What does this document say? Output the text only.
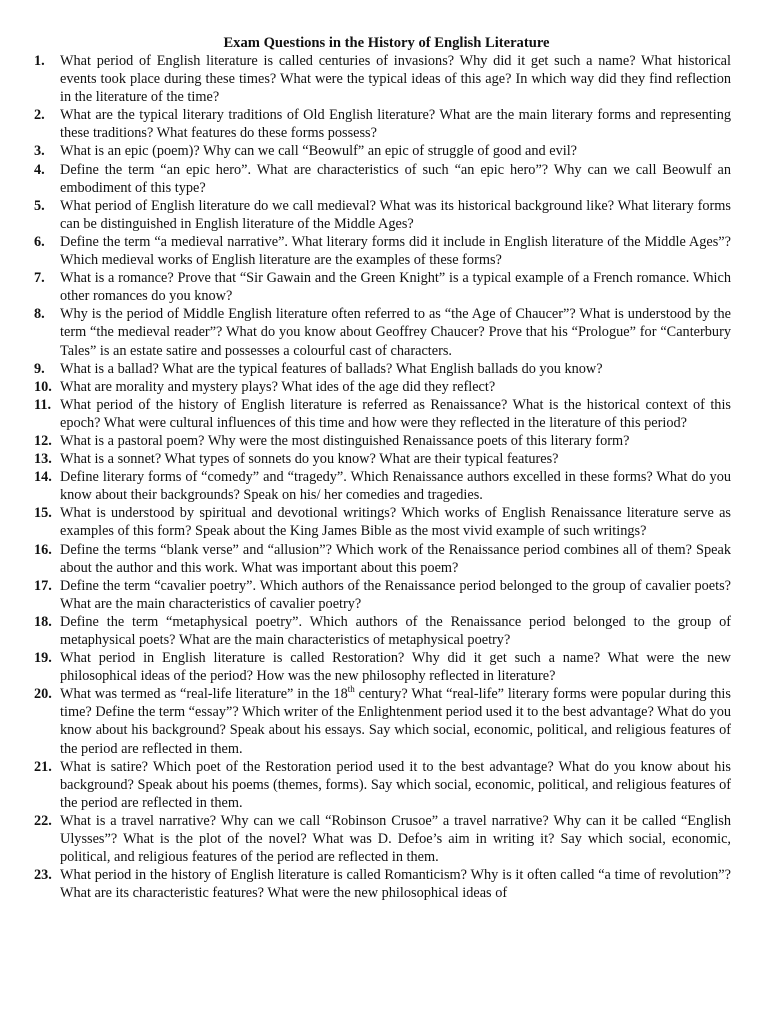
Exam Questions in the History of English Literature
1.	What period of English literature is called centuries of invasions? Why did it get such a name? What historical events took place during these times? What were the typical ideas of this age? In which way did they find reflection in the literature of the time?
2.	What are the typical literary traditions of Old English literature? What are the main literary forms and representing these traditions? What features do these forms possess?
3.	What is an epic (poem)? Why can we call “Beowulf” an epic of struggle of good and evil?
4.	Define the term “an epic hero”. What are characteristics of such “an epic hero”? Why can we call Beowulf an embodiment of this type?
5.	What period of English literature do we call medieval? What was its historical background like? What literary forms can be distinguished in English literature of the Middle Ages?
6.	Define the term “a medieval narrative”. What literary forms did it include in English literature of the Middle Ages”? Which medieval works of English literature are the examples of these forms?
7.	What is a romance? Prove that “Sir Gawain and the Green Knight” is a typical example of a French romance. Which other romances do you know?
8.	Why is the period of Middle English literature often referred to as “the Age of Chaucer”? What is understood by the term “the medieval reader”? What do you know about Geoffrey Chaucer? Prove that his “Prologue” for “Canterbury Tales” is an estate satire and possesses a colourful cast of characters.
9.	What is a ballad? What are the typical features of ballads? What English ballads do you know?
10. What are morality and mystery plays? What ides of the age did they reflect?
11. What period of the history of English literature is referred as Renaissance? What is the historical context of this epoch? What were cultural influences of this time and how were they reflected in the literature of this period?
12. What is a pastoral poem? Why were the most distinguished Renaissance poets of this literary form?
13. What is a sonnet? What types of sonnets do you know? What are their typical features?
14. Define literary forms of “comedy” and “tragedy”. Which Renaissance authors excelled in these forms? What do you know about their backgrounds? Speak on his/ her comedies and tragedies.
15. What is understood by spiritual and devotional writings? Which works of English Renaissance literature serve as examples of this form? Speak about the King James Bible as the most vivid example of such writings?
16. Define the terms “blank verse” and “allusion”? Which work of the Renaissance period combines all of them? Speak about the author and this work. What was important about this poem?
17. Define the term “cavalier poetry”. Which authors of the Renaissance period belonged to the group of cavalier poets? What are the main characteristics of cavalier poetry?
18. Define the term “metaphysical poetry”. Which authors of the Renaissance period belonged to the group of metaphysical poets? What are the main characteristics of metaphysical poetry?
19. What period in English literature is called Restoration? Why did it get such a name? What were the new philosophical ideas of the period? How was the new philosophy reflected in literature?
20. What was termed as “real-life literature” in the 18th century? What “real-life” literary forms were popular during this time? Define the term “essay”? Which writer of the Enlightenment period used it to the best advantage? What do you know about his background? Speak about his essays. Say which social, economic, political, and religious features of the period are reflected in them.
21. What is satire? Which poet of the Restoration period used it to the best advantage? What do you know about his background? Speak about his poems (themes, forms). Say which social, economic, political, and religious features of the period are reflected in them.
22. What is a travel narrative? Why can we call “Robinson Crusoe” a travel narrative? Why can it be called “English Ulysses”? What is the plot of the novel? What was D. Defoe’s aim in writing it? Say which social, economic, political, and religious features of the period are reflected in them.
23. What period in the history of English literature is called Romanticism? Why is it often called “a time of revolution”? What are its characteristic features? What were the new philosophical ideas of
